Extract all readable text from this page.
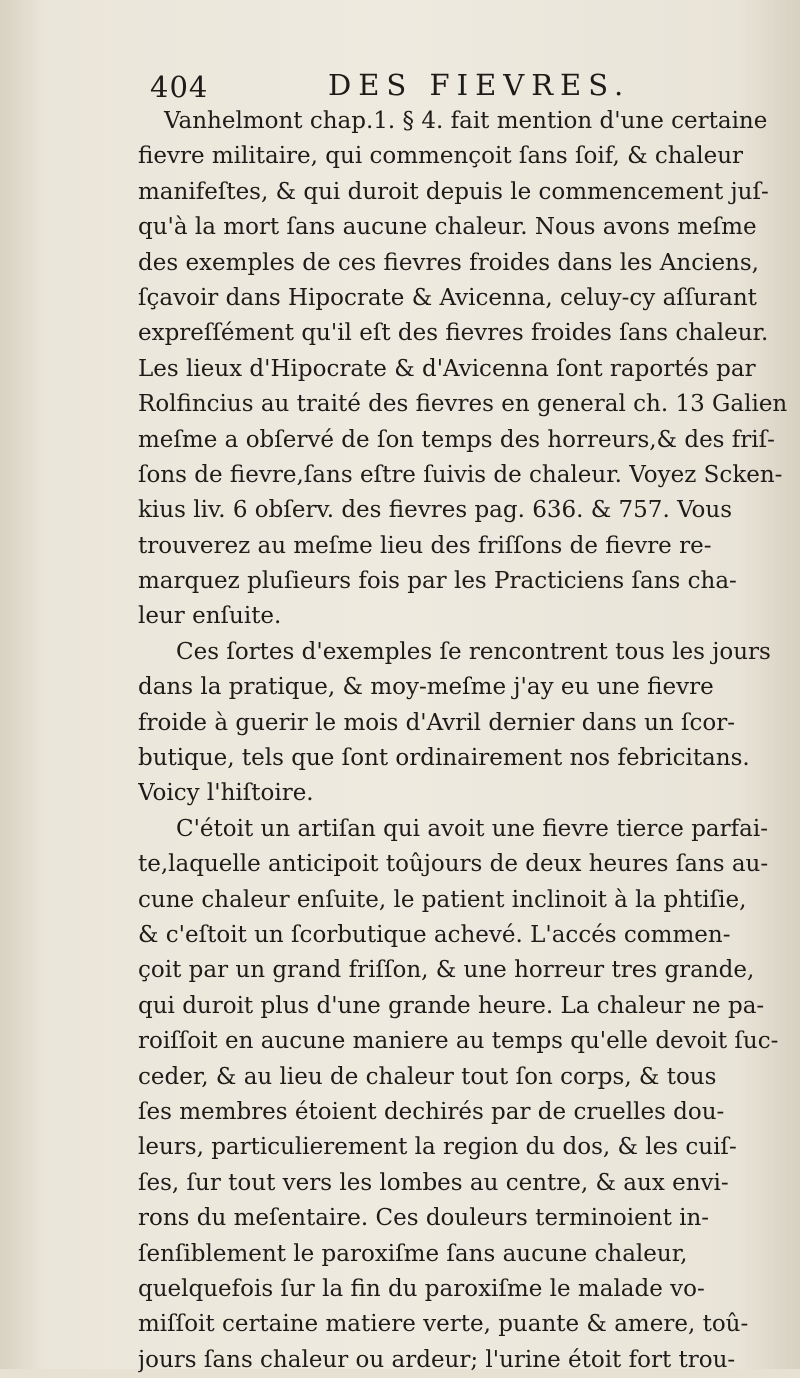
404	DES FIEVRES.
Vanhelmont chap.1. § 4. fait mention d'une certaine
fievre militaire, qui commençoit ſans ſoif, & chaleur
manifeſtes, & qui duroit depuis le commencement juſ-
qu'à la mort ſans aucune chaleur. Nous avons meſme
des exemples de ces fievres froides dans les Anciens,
ſçavoir dans Hipocrate & Avicenna, celuy-cy aſſurant
expreſſément qu'il eſt des fievres froides ſans chaleur.
Les lieux d'Hipocrate & d'Avicenna ſont raportés par
Rolfincius au traité des fievres en general ch. 13 Galien
meſme a obſervé de ſon temps des horreurs,& des friſ-
ſons de fievre,ſans eſtre ſuivis de chaleur. Voyez Scken-
kius liv. 6 obſerv. des fievres pag. 636. & 757. Vous
trouverez au meſme lieu des friſſons de fievre re-
marquez pluſieurs fois par les Practiciens ſans cha-
leur enſuite.
Ces ſortes d'exemples ſe rencontrent tous les jours
dans la pratique, & moy-meſme j'ay eu une fievre
froide à guerir le mois d'Avril dernier dans un ſcor-
butique, tels que ſont ordinairement nos febricitans.
Voicy l'hiſtoire.
C'étoit un artiſan qui avoit une fievre tierce parfai-
te,laquelle anticipoit toûjours de deux heures ſans au-
cune chaleur enſuite, le patient inclinoit à la phtiſie,
& c'eſtoit un ſcorbutique achevé. L'accés commen-
çoit par un grand friſſon, & une horreur tres grande,
qui duroit plus d'une grande heure. La chaleur ne pa-
roiſſoit en aucune maniere au temps qu'elle devoit ſuc-
ceder, & au lieu de chaleur tout ſon corps, & tous
ſes membres étoient dechirés par de cruelles dou-
leurs, particulierement la region du dos, & les cuiſ-
ſes, ſur tout vers les lombes au centre, & aux envi-
rons du meſentaire. Ces douleurs terminoient in-
ſenſiblement le paroxiſme ſans aucune chaleur,
quelquefois ſur la fin du paroxiſme le malade vo-
miſſoit certaine matiere verte, puante & amere, toû-
jours ſans chaleur ou ardeur; l'urine étoit fort trou-
